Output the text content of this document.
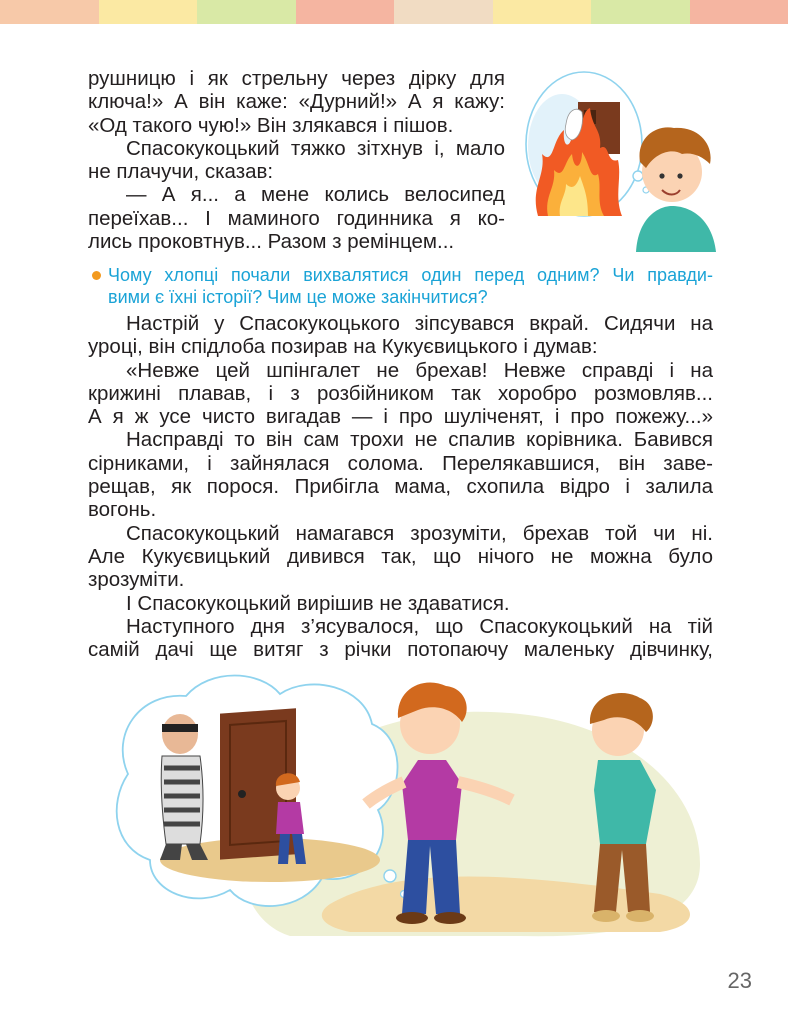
рушницю і як стрельну через дірку для
ключа!» А він каже: «Дурний!» А я кажу:
«Од такого чую!» Він злякався і пішов.

Спасокукоцький тяжко зітхнув і, мало
не плачучи, сказав:

— А я... а мене колись велосипед
переїхав... І маминого годинника я ко-
лись проковтнув... Разом з ремінцем...

Чому хлопці почали вихвалятися один перед одним? Чи правди-
вими є їхні історії? Чим це може закінчитися?

Настрій у Спасокукоцького зіпсувався вкрай. Сидячи на
уроці, він спідлоба позирав на Кукуєвицького і думав:

«Невже цей шпінгалет не брехав! Невже справді і на
крижині плавав, і з розбійником так хоробро розмовляв...
А я ж усе чисто вигадав — і про шуліченят, і про пожежу...»

Насправді то він сам трохи не спалив корівника. Бавився
сірниками, і зайнялася солома. Перелякавшися, він заве-
рещав, як порося. Прибігла мама, схопила відро і залила
вогонь.

Спасокукоцький намагався зрозуміти, брехав той чи ні.
Але Кукуєвицький дивився так, що нічого не можна було
зрозуміти.

І Спасокукоцький вирішив не здаватися.

Наступного дня з’ясувалося, що Спасокукоцький на тій
самій дачі ще витяг з річки потопаючу маленьку дівчинку,

23
